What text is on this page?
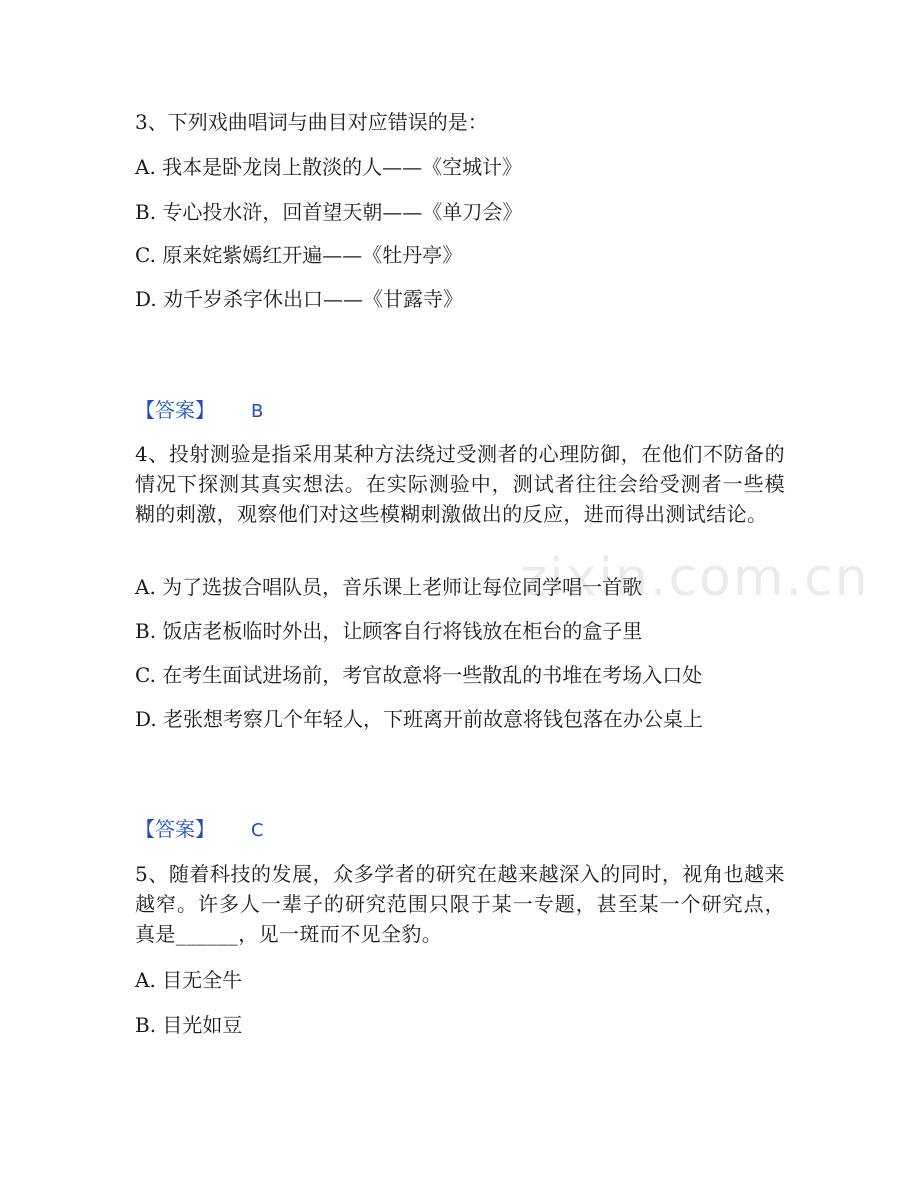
3、下列戏曲唱词与曲目对应错误的是：
A. 我本是卧龙岗上散淡的人——《空城计》
B. 专心投水浒，回首望天朝——《单刀会》
C. 原来姹紫嫣红开遍——《牡丹亭》
D. 劝千岁杀字休出口——《甘露寺》
【答案】 B
4、投射测验是指采用某种方法绕过受测者的心理防御，在他们不防备的情况下探测其真实想法。在实际测验中，测试者往往会给受测者一些模糊的刺激，观察他们对这些模糊刺激做出的反应，进而得出测试结论。
A. 为了选拔合唱队员，音乐课上老师让每位同学唱一首歌
B. 饭店老板临时外出，让顾客自行将钱放在柜台的盒子里
C. 在考生面试进场前，考官故意将一些散乱的书堆在考场入口处
D. 老张想考察几个年轻人，下班离开前故意将钱包落在办公桌上
【答案】 C
5、随着科技的发展，众多学者的研究在越来越深入的同时，视角也越来越窄。许多人一辈子的研究范围只限于某一专题，甚至某一个研究点，真是______，见一斑而不见全豹。
A. 目无全牛
B. 目光如豆
zixin.com.cn
